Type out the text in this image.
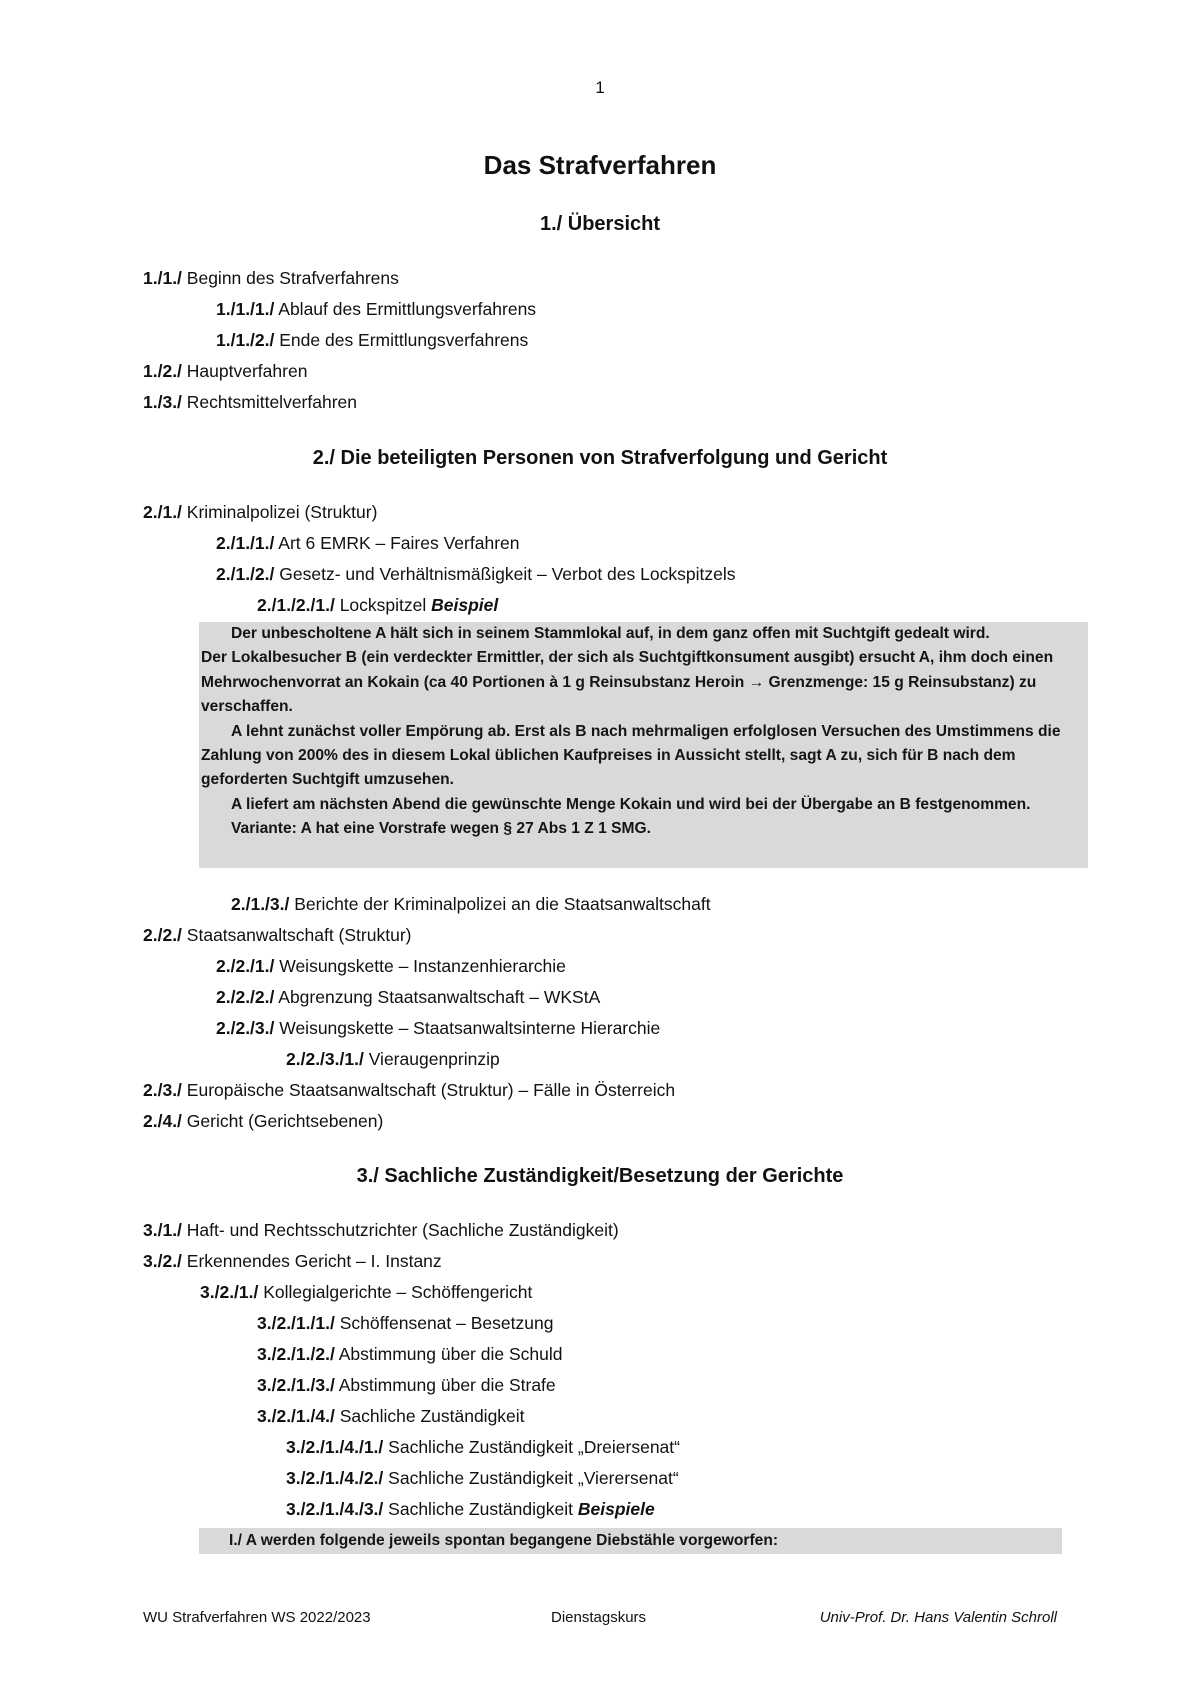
1
Das Strafverfahren
1./ Übersicht
1./1./ Beginn des Strafverfahrens
1./1./1./ Ablauf des Ermittlungsverfahrens
1./1./2./ Ende des Ermittlungsverfahrens
1./2./ Hauptverfahren
1./3./ Rechtsmittelverfahren
2./ Die beteiligten Personen von Strafverfolgung und Gericht
2./1./ Kriminalpolizei (Struktur)
2./1./1./ Art 6 EMRK – Faires Verfahren
2./1./2./ Gesetz- und Verhältnismäßigkeit – Verbot des Lockspitzels
2./1./2./1./ Lockspitzel Beispiel

Der unbescholtene A hält sich in seinem Stammlokal auf, in dem ganz offen mit Suchtgift gedealt wird.

Der Lokalbesucher B (ein verdeckter Ermittler, der sich als Suchtgiftkonsument ausgibt) ersucht A, ihm doch einen Mehrwochenvorrat an Kokain (ca 40 Portionen à 1 g Reinsubstanz Heroin → Grenzmenge: 15 g Reinsubstanz) zu verschaffen.

A lehnt zunächst voller Empörung ab. Erst als B nach mehrmaligen erfolglosen Versuchen des Umstimmens die Zahlung von 200% des in diesem Lokal üblichen Kaufpreises in Aussicht stellt, sagt A zu, sich für B nach dem geforderten Suchtgift umzusehen.

A liefert am nächsten Abend die gewünschte Menge Kokain und wird bei der Übergabe an B festgenommen.

Variante: A hat eine Vorstrafe wegen § 27 Abs 1 Z 1 SMG.

2./1./3./ Berichte der Kriminalpolizei an die Staatsanwaltschaft
2./2./ Staatsanwaltschaft (Struktur)
2./2./1./ Weisungskette – Instanzenhierarchie
2./2./2./ Abgrenzung Staatsanwaltschaft – WKStA
2./2./3./ Weisungskette – Staatsanwaltsinterne Hierarchie
2./2./3./1./ Vieraugenprinzip
2./3./ Europäische Staatsanwaltschaft (Struktur) – Fälle in Österreich
2./4./ Gericht (Gerichtsebenen)
3./ Sachliche Zuständigkeit/Besetzung der Gerichte
3./1./ Haft- und Rechtsschutzrichter (Sachliche Zuständigkeit)
3./2./ Erkennendes Gericht – I. Instanz
3./2./1./ Kollegialgerichte – Schöffengericht
3./2./1./1./ Schöffensenat – Besetzung
3./2./1./2./ Abstimmung über die Schuld
3./2./1./3./ Abstimmung über die Strafe
3./2./1./4./ Sachliche Zuständigkeit
3./2./1./4./1./ Sachliche Zuständigkeit „Dreiersenat“
3./2./1./4./2./ Sachliche Zuständigkeit „Vierersenat“
3./2./1./4./3./ Sachliche Zuständigkeit Beispiele
I./ A werden folgende jeweils spontan begangene Diebstähle vorgeworfen:
WU Strafverfahren WS 2022/2023	Dienstagskurs	Univ-Prof. Dr. Hans Valentin Schroll
